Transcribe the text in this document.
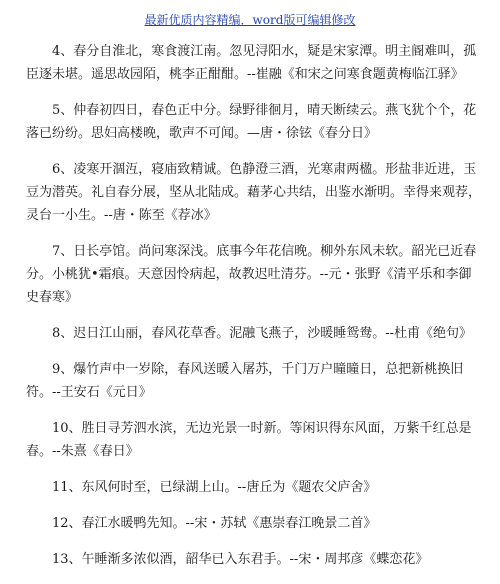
最新优质内容精编．word版可编辑修改

4、春分自淮北，寒食渡江南。忽见浔阳水，疑是宋家潭。明主阍难叫，孤臣逐未堪。遥思故园陌，桃李正酣酣。--崔融《和宋之问寒食题黄梅临江驿》

5、仲春初四日，春色正中分。绿野徘徊月，晴天断续云。燕飞犹个个，花落已纷纷。思妇高楼晚，歌声不可闻。—唐・徐铉《春分日》

6、凌寒开涸沍，寝庙致精诚。色静澄三酒，光寒肃两楹。形盐非近进，玉豆为潜英。礼自春分展，坚从北陆成。藉茅心共结，出鉴水渐明。幸得来观荐，灵台一小生。--唐・陈至《荐冰》

7、日长亭馆。尚问寒深浅。底事今年花信晚。柳外东风未软。韶光已近春分。小桃犹•霜痕。天意因怜病起，故教迟吐清芬。--元・张野《清平乐和李御史春寒》

8、迟日江山丽，春风花草香。泥融飞燕子，沙暖睡鸳鸯。--杜甫《绝句》

9、爆竹声中一岁除，春风送暖入屠苏，千门万户曈曈日，总把新桃换旧符。--王安石《元日》

10、胜日寻芳泗水滨，无边光景一时新。等闲识得东风面，万紫千红总是春。--朱熹《春日》

11、东风何时至，已绿湖上山。--唐丘为《题农父庐舍》

12、春江水暖鸭先知。--宋・苏轼《惠崇春江晚景二首》

13、午睡渐多浓似酒，韶华已入东君手。--宋・周邦彦《蝶恋花》
